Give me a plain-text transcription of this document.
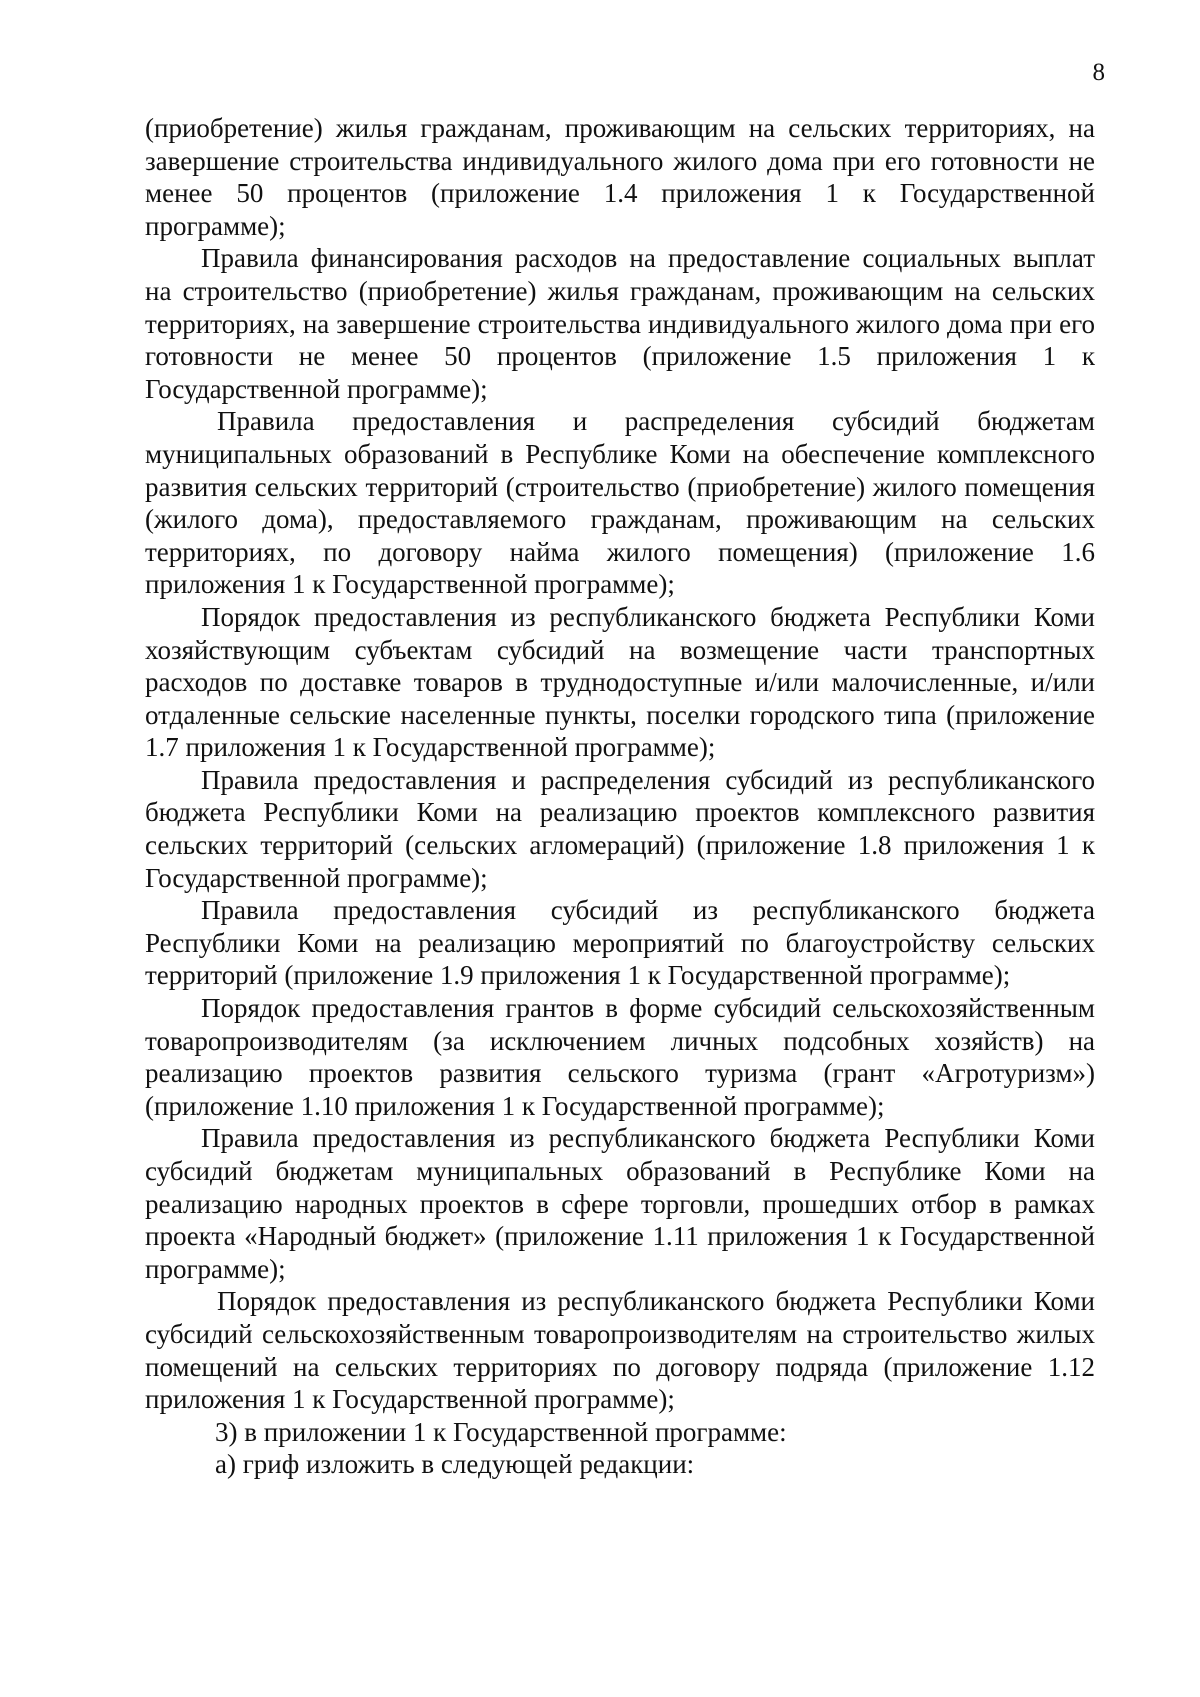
8

(приобретение) жилья гражданам, проживающим на сельских территориях, на завершение строительства индивидуального жилого дома при его готовности не менее 50 процентов (приложение 1.4 приложения 1 к Государственной программе);

Правила финансирования расходов на предоставление социальных выплат на строительство (приобретение) жилья гражданам, проживающим на сельских территориях, на завершение строительства индивидуального жилого дома при его готовности не менее 50 процентов (приложение 1.5 приложения 1 к Государственной программе);

Правила предоставления и распределения субсидий бюджетам муниципальных образований в Республике Коми на обеспечение комплексного развития сельских территорий (строительство (приобретение) жилого помещения (жилого дома), предоставляемого гражданам, проживающим на сельских территориях, по договору найма жилого помещения) (приложение 1.6 приложения 1 к Государственной программе);

Порядок предоставления из республиканского бюджета Республики Коми хозяйствующим субъектам субсидий на возмещение части транспортных расходов по доставке товаров в труднодоступные и/или малочисленные, и/или отдаленные сельские населенные пункты, поселки городского типа (приложение 1.7 приложения 1 к Государственной программе);

Правила предоставления и распределения субсидий из республиканского бюджета Республики Коми на реализацию проектов комплексного развития сельских территорий (сельских агломераций) (приложение 1.8 приложения 1 к Государственной программе);

Правила предоставления субсидий из республиканского бюджета Республики Коми на реализацию мероприятий по благоустройству сельских территорий (приложение 1.9 приложения 1 к Государственной программе);

Порядок предоставления грантов в форме субсидий сельскохозяйственным товаропроизводителям (за исключением личных подсобных хозяйств) на реализацию проектов развития сельского туризма (грант «Агротуризм») (приложение 1.10 приложения 1 к Государственной программе);

Правила предоставления из республиканского бюджета Республики Коми субсидий бюджетам муниципальных образований в Республике Коми на реализацию народных проектов в сфере торговли, прошедших отбор в рамках проекта «Народный бюджет» (приложение 1.11 приложения 1 к Государственной программе);

Порядок предоставления из республиканского бюджета Республики Коми субсидий сельскохозяйственным товаропроизводителям на строительство жилых помещений на сельских территориях по договору подряда (приложение 1.12 приложения 1 к Государственной программе);

3) в приложении 1 к Государственной программе:

а) гриф изложить в следующей редакции:
